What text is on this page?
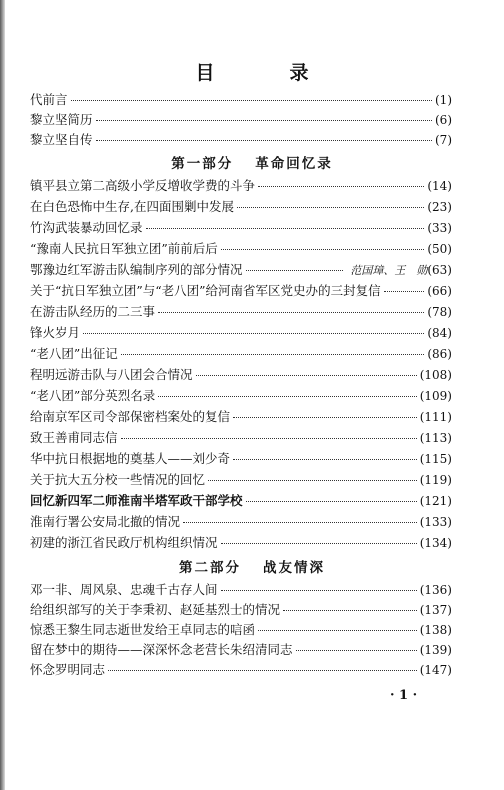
目　录
代前言	(1)
黎立坚简历	(6)
黎立坚自传	(7)
第一部分 革命回忆录
镇平县立第二高级小学反增收学费的斗争	(14)
在白色恐怖中生存,在四面围剿中发展	(23)
竹沟武装暴动回忆录	(33)
“豫南人民抗日军独立团”前前后后	(50)
鄂豫边红军游击队编制序列的部分情况	范国璋、王　勋 (63)
关于“抗日军独立团”与“老八团”给河南省军区党史办的三封复信	(66)
在游击队经历的二三事	(78)
锋火岁月	(84)
“老八团”出征记	(86)
程明远游击队与八团会合情况	(108)
“老八团”部分英烈名录	(109)
给南京军区司令部保密档案处的复信	(111)
致王善甫同志信	(113)
华中抗日根据地的奠基人——刘少奇	(115)
关于抗大五分校一些情况的回忆	(119)
回忆新四军二师淮南半塔军政干部学校	(121)
淮南行署公安局北撤的情况	(133)
初建的浙江省民政厅机构组织情况	(134)
第二部分 战友情深
邓一非、周风泉、忠魂千古存人间	(136)
给组织部写的关于李秉初、赵延基烈士的情况	(137)
惊悉王黎生同志逝世发给王卓同志的唁函	(138)
留在梦中的期待——深深怀念老营长朱绍清同志	(139)
怀念罗明同志	(147)
· 1 ·
